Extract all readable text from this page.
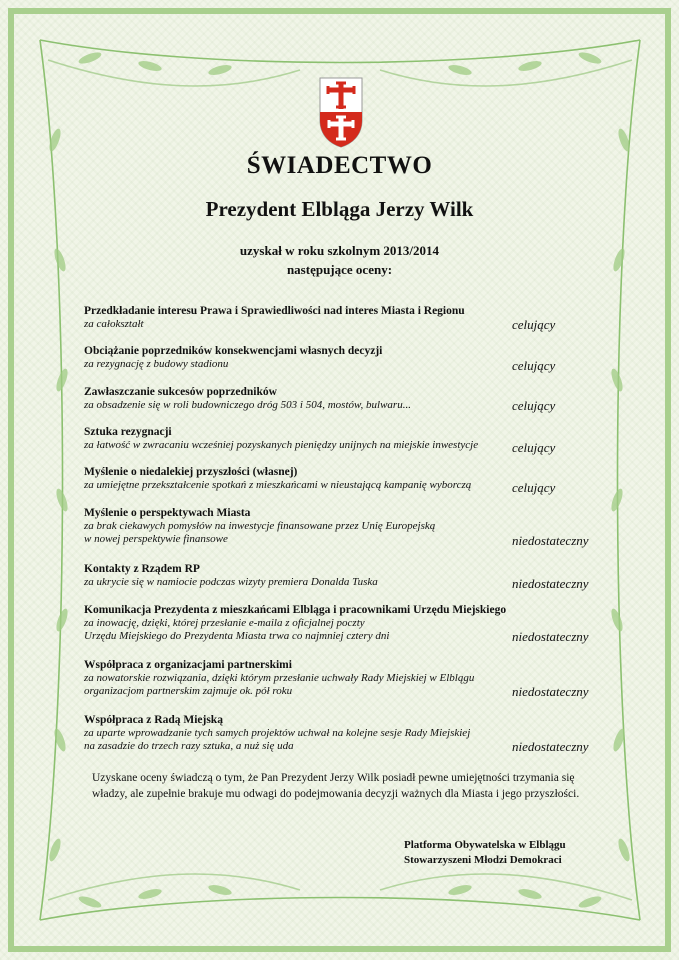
ŚWIADECTWO
Prezydent Elbląga Jerzy Wilk
uzyskał w roku szkolnym 2013/2014
następujące oceny:
Przedkładanie interesu Prawa i Sprawiedliwości nad interes Miasta i Regionu
za całokształt	celujący
Obciążanie poprzedników konsekwencjami własnych decyzji
za rezygnację z budowy stadionu	celujący
Zawłaszczanie sukcesów poprzedników
za obsadzenie się w roli budowniczego dróg 503 i 504, mostów, bulwaru...	celujący
Sztuka rezygnacji
za łatwość w zwracaniu wcześniej pozyskanych pieniędzy unijnych na miejskie inwestycje	celujący
Myślenie o niedalekiej przyszłości (własnej)
za umiejętne przekształcenie spotkań z mieszkańcami w nieustającą kampanię wyborczą	celujący
Myślenie o perspektywach Miasta
za brak ciekawych pomysłów na inwestycje finansowane przez Unię Europejską
w nowej perspektywie finansowe	niedostateczny
Kontakty z Rządem RP
za ukrycie się w namiocie podczas wizyty premiera Donalda Tuska	niedostateczny
Komunikacja Prezydenta z mieszkańcami Elbląga i pracownikami Urzędu Miejskiego
za inowację, dzięki, której przesłanie e-maila z oficjalnej poczty
Urzędu Miejskiego do Prezydenta Miasta trwa co najmniej cztery dni	niedostateczny
Współpraca z organizacjami partnerskimi
za nowatorskie rozwiązania, dzięki którym przesłanie uchwały Rady Miejskiej w Elblągu
organizacjom partnerskim zajmuje ok. pół roku	niedostateczny
Współpraca z Radą Miejską
za uparte wprowadzanie tych samych projektów uchwał na kolejne sesje Rady Miejskiej
na zasadzie do trzech razy sztuka, a nuż się uda	niedostateczny
Uzyskane oceny świadczą o tym, że Pan Prezydent Jerzy Wilk posiadł pewne umiejętności trzymania się władzy, ale zupełnie brakuje mu odwagi do podejmowania decyzji ważnych dla Miasta i jego przyszłości.
Platforma Obywatelska w Elblągu
Stowarzyszeni Młodzi Demokraci
